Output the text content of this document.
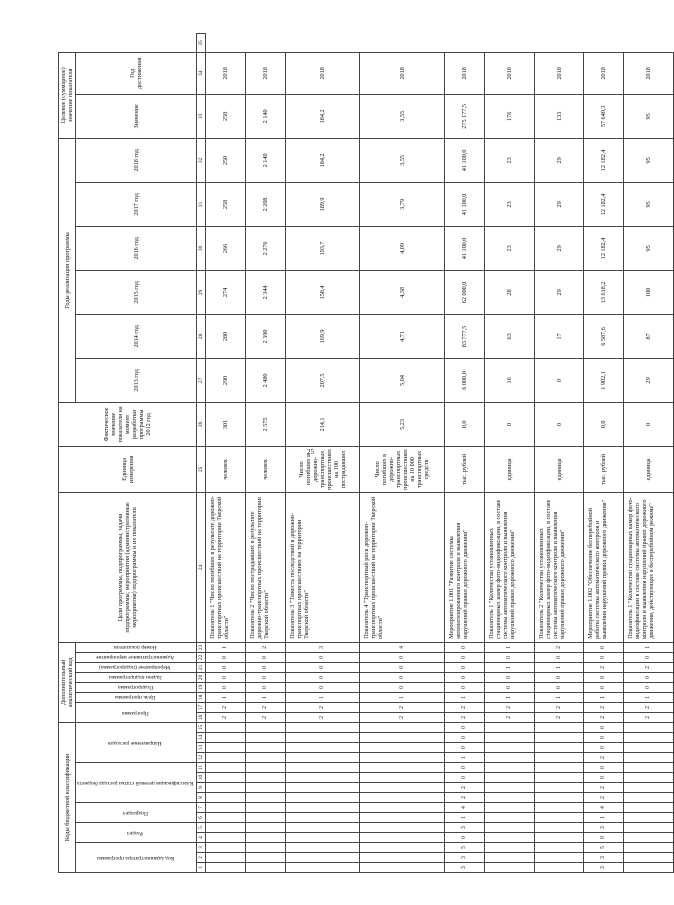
25
Коды бюджетной классификации															Дополнительный аналитический код								Цели программы, подпрограммы, задачи подпрограммы, мероприятия (административные мероприятия) подпрограммы и их показатели	Единица измерения	Фактическое значение показателя на момент разработки программы 2012 год	Годы реализации программы						Целевое (суммарное) значение показателя		
Код администратора программы			Раздел		Подраздел		Классификация целевой статьи расхода бюджета				Направление расходов				Программа		Цель программы	Подпрограмма	Задачи подпрограммы	Мероприятие (подпрограмма)	Административное мероприятие	Номер показателя				2013 год	2014 год	2015 год	2016 год	2017 год	2018 год			
																																Значение	Год достижения	
1	2	3	4	5	6	7	8	9	10	11	12	13	14	15	16	17	18	19	20	21	22	23	24	25	26	27	28	29	30	31	32	33	34	35
															2	2	1	0	0	0	0	1	Показатель 1 "Число погибших в результате дорожно-транспортных происшествий на территории Тверской области"	человек	301	290	280	274	266	258	250	250	2018	
															2	2	1	0	0	0	0	2	Показатель 2 "Число пострадавших в результате дорожно-транспортных происшествий на территории Тверской области"	человек	2 575	2 480	2 390	2 344	2 276	2 208	2 140	2 140	2018	
															2	2	1	0	0	0	0	3	Показатель 3 "Тяжесть последствий в дорожно-транспортных происшествиях на территории Тверской области"	Число погибших в дорожно-транспортных происшествиях на 100 пострадавших	214,1	207,5	169,9	158,4	193,7	189,9	184,2	184,2	2018	
															2	2	1	0	0	0	0	4	Показатель 4 "Транспортный риск дорожно-транспортных происшествий на территории Тверской области"	Число погибших в дорожно-транспортных происшествиях на 10 000 транспортных средств	5,23	5,04	4,71	4,38	4,09	3,79	3,55	3,55	2018	
3	3	5	0	3	1	4	2	2	0	0	1	0	0	0	2	2	1	0	0	0	0	0	Мероприятие 1.001 "Развитие системы автоматизированного контроля и выявления нарушений правил дорожного движения"	тыс. рублей	0,0	6 000,0	83 777,5	62 000,0	41 100,0	41 100,0	41 100,0	275 177,5	2018	
															2	2	1	0	0	1	0	1	Показатель 1 "Количество установленных стационарных камер фото-видеофиксации, в составе системы автоматического контроля и выявления нарушений правил дорожного движения"	единица	0	16	63	28	23	23	23	176	2018	
															2	2	1	0	0	1	0	2	Показатель 2 "Количество установленных стационарных камер фото-видеофиксации, в составе системы автоматического контроля и выявления нарушений правил дорожного движения"	единица	0	0	17	29	29	29	29	133	2018	
3	3	5	0	3	1	4	2	2	0	0	2	0	0	0	2	2	1	0	0	2	0	0	Мероприятие 1.002 "Обеспечение бесперебойной работы системы автоматического контроля и выявления нарушений правил дорожного движения"	тыс. рублей	0,0	1 902,1	6 587,6	13 618,2	12 182,4	12 182,4	12 182,4	57 640,3	2018	
															2	2	1	0	0	2	0	1	Показатель 1 "Количество стационарных камер фото-видеофиксации в составе системы автоматического контроля и выявления нарушений правил дорожного движения, действующих в бесперебойном режиме"	единица	0	29	87	100	95	95	95	95	2018	
